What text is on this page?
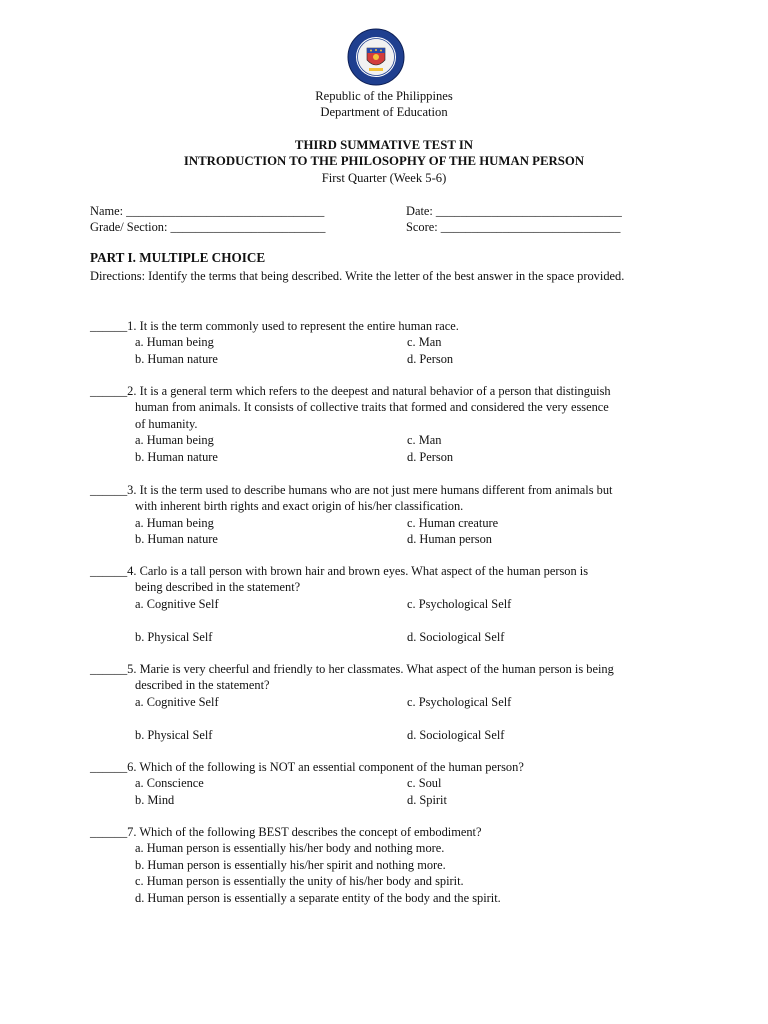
Republic of the Philippines
Department of Education
THIRD SUMMATIVE TEST IN
INTRODUCTION TO THE PHILOSOPHY OF THE HUMAN PERSON
First Quarter (Week 5-6)
Name: ________________________________	Date: ______________________________
Grade/ Section: _________________________	Score: _____________________________
PART I. MULTIPLE CHOICE
Directions: Identify the terms that being described. Write the letter of the best answer in the space provided.
______1. It is the term commonly used to represent the entire human race.
a. Human being	c. Man
b. Human nature	d. Person
______2. It is a general term which refers to the deepest and natural behavior of a person that distinguish
human from animals. It consists of collective traits that formed and considered the very essence
of humanity.
a. Human being	c. Man
b. Human nature	d. Person
______3. It is the term used to describe humans who are not just mere humans different from animals but
with inherent birth rights and exact origin of his/her classification.
a. Human being	c. Human creature
b. Human nature	d. Human person
______4. Carlo is a tall person with brown hair and brown eyes. What aspect of the human person is
being described in the statement?
a. Cognitive Self	c. Psychological Self
b. Physical Self	d. Sociological Self
______5. Marie is very cheerful and friendly to her classmates. What aspect of the human person is being
described in the statement?
a. Cognitive Self	c. Psychological Self
b. Physical Self	d. Sociological Self
______6. Which of the following is NOT an essential component of the human person?
a. Conscience	c. Soul
b. Mind	d. Spirit
______7. Which of the following BEST describes the concept of embodiment?
a. Human person is essentially his/her body and nothing more.
b. Human person is essentially his/her spirit and nothing more.
c. Human person is essentially the unity of his/her body and spirit.
d. Human person is essentially a separate entity of the body and the spirit.
